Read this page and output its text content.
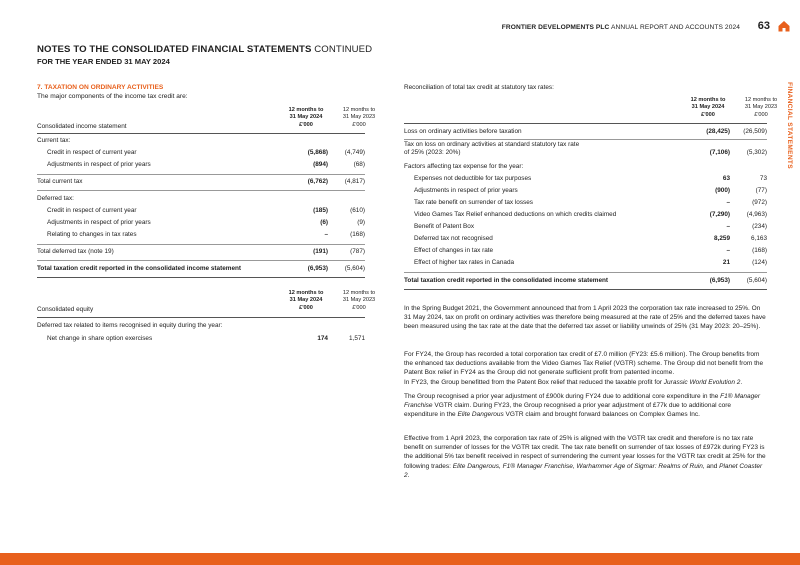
FRONTIER DEVELOPMENTS PLC ANNUAL REPORT AND ACCOUNTS 2024 63
FINANCIAL STATEMENTS
NOTES TO THE CONSOLIDATED FINANCIAL STATEMENTS CONTINUED
FOR THE YEAR ENDED 31 MAY 2024
7. TAXATION ON ORDINARY ACTIVITIES
The major components of the income tax credit are:
12 months to
31 May 2024
£'000
12 months to
31 May 2023
£'000
Consolidated income statement
Current tax:
Credit in respect of current year	(5,868)	(4,749)
Adjustments in respect of prior years	(894)	(68)
Total current tax	(6,762)	(4,817)
Deferred tax:
Credit in respect of current year	(185)	(610)
Adjustments in respect of prior years	(6)	(9)
Relating to changes in tax rates	–	(168)
Total deferred tax (note 19)	(191)	(787)
Total taxation credit reported in the consolidated income statement	(6,953)	(5,604)
12 months to
31 May 2024
£'000
12 months to
31 May 2023
£'000
Consolidated equity
Deferred tax related to items recognised in equity during the year:
Net change in share option exercises	174	1,571
Reconciliation of total tax credit at statutory tax rates:
12 months to
31 May 2024
£'000
12 months to
31 May 2023
£'000
Loss on ordinary activities before taxation	(28,425)	(26,509)
Tax on loss on ordinary activities at standard statutory tax rate
of 25% (2023: 20%)	(7,106)	(5,302)
Factors affecting tax expense for the year:
Expenses not deductible for tax purposes	63	73
Adjustments in respect of prior years	(900)	(77)
Tax rate benefit on surrender of tax losses	–	(972)
Video Games Tax Relief enhanced deductions on which credits claimed	(7,290)	(4,963)
Benefit of Patent Box	–	(234)
Deferred tax not recognised	8,259	6,163
Effect of changes in tax rate	–	(168)
Effect of higher tax rates in Canada	21	(124)
Total taxation credit reported in the consolidated income statement	(6,953)	(5,604)
In the Spring Budget 2021, the Government announced that from 1 April 2023 the corporation tax rate increased to 25%. On 31 May 2024, tax on profit on ordinary activities was therefore being measured at the rate of 25% and the deferred taxes have been measured using the tax rate at the date that the deferred tax asset or liability unwinds of 25% (31 May 2023: 20–25%).
For FY24, the Group has recorded a total corporation tax credit of £7.0 million (FY23: £5.6 million). The Group benefits from the enhanced tax deductions available from the Video Games Tax Relief (VGTR) scheme. The Group did not benefit from the Patent Box relief in FY24 as the Group did not generate sufficient profit from patented income.
In FY23, the Group benefitted from the Patent Box relief that reduced the taxable profit for Jurassic World Evolution 2.
The Group recognised a prior year adjustment of £900k during FY24 due to additional core expenditure in the F1® Manager Franchise VGTR claim. During FY23, the Group recognised a prior year adjustment of £77k due to additional core expenditure in the Elite Dangerous VGTR claim and brought forward balances on Complex Games Inc.
Effective from 1 April 2023, the corporation tax rate of 25% is aligned with the VGTR tax credit and therefore is no tax rate benefit on surrender of losses for the VGTR tax credit. The tax rate benefit on surrender of tax losses of £972k during FY23 is the additional 5% tax benefit received in respect of surrendering the current year losses for the VGTR tax credit at 25% for the following trades: Elite Dangerous, F1® Manager Franchise, Warhammer Age of Sigmar: Realms of Ruin, and Planet Coaster 2.
